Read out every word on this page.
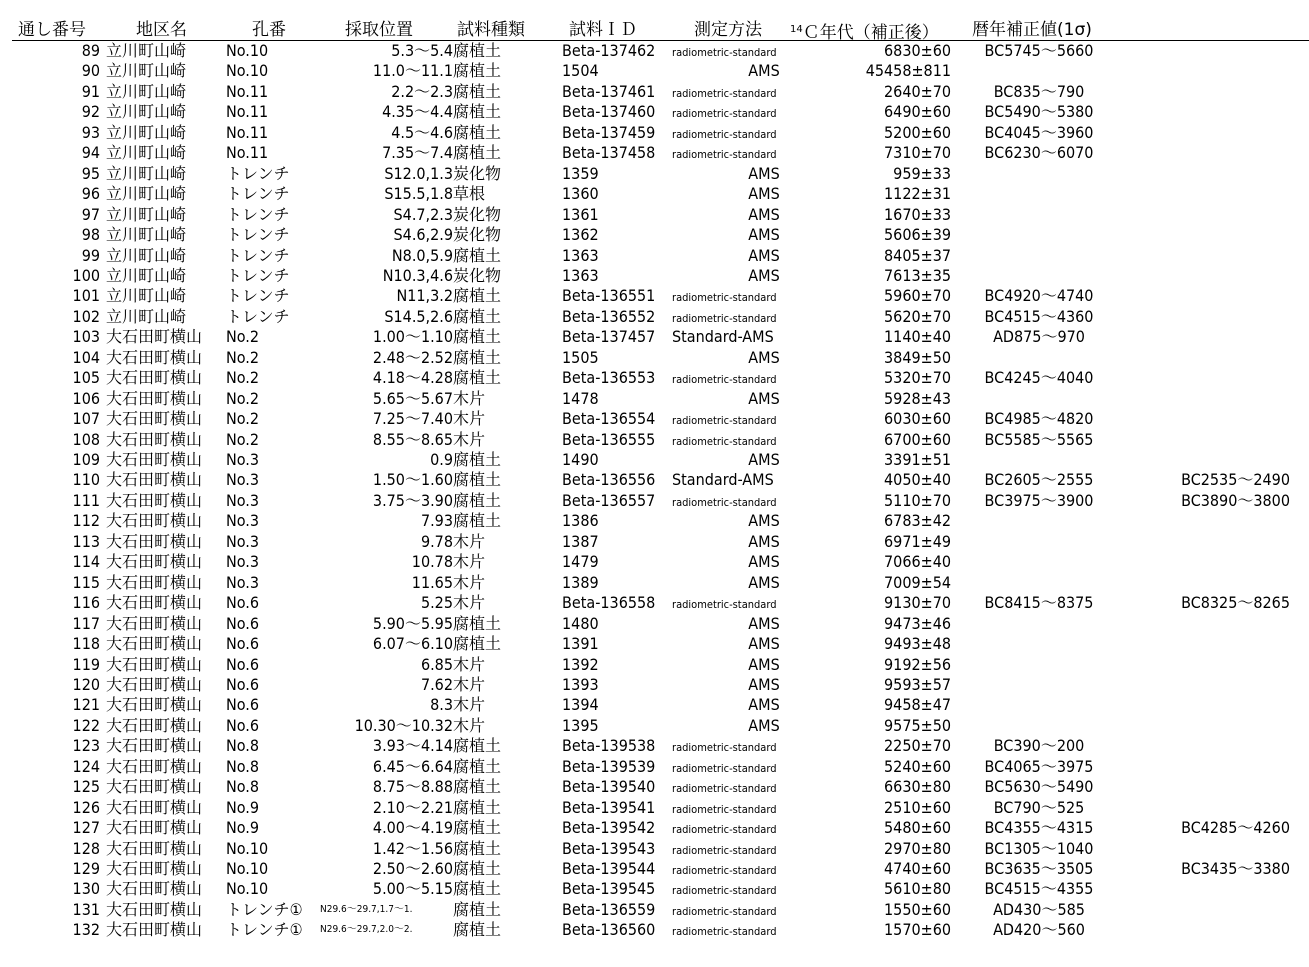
通し番号	地区名	孔番	採取位置	試料種類	試料ＩＤ	測定方法	$^{14}$Ｃ年代（補正後） 暦年補正値(1σ)
89 立川町山崎	No.10	5.3～5.4 腐植土	Beta-137462	radiometric-standard	6830±60	BC5745～5660
90 立川町山崎	No.10	11.0～11.1 腐植土	1504	AMS	45458±811
91 立川町山崎	No.11	2.2～2.3 腐植土	Beta-137461	radiometric-standard	2640±70	BC835～790
92 立川町山崎	No.11	4.35～4.4 腐植土	Beta-137460	radiometric-standard	6490±60	BC5490～5380
93 立川町山崎	No.11	4.5～4.6 腐植土	Beta-137459	radiometric-standard	5200±60	BC4045～3960
94 立川町山崎	No.11	7.35～7.4 腐植土	Beta-137458	radiometric-standard	7310±70	BC6230～6070
95 立川町山崎	トレンチ	S12.0,1.3 炭化物	1359	AMS	959±33
96 立川町山崎	トレンチ	S15.5,1.8 草根	1360	AMS	1122±31
97 立川町山崎	トレンチ	S4.7,2.3 炭化物	1361	AMS	1670±33
98 立川町山崎	トレンチ	S4.6,2.9 炭化物	1362	AMS	5606±39
99 立川町山崎	トレンチ	N8.0,5.9 腐植土	1363	AMS	8405±37
100 立川町山崎	トレンチ	N10.3,4.6 炭化物	1363	AMS	7613±35
101 立川町山崎	トレンチ	N11,3.2 腐植土	Beta-136551	radiometric-standard	5960±70	BC4920～4740
102 立川町山崎	トレンチ	S14.5,2.6 腐植土	Beta-136552	radiometric-standard	5620±70	BC4515～4360
103 大石田町横山	No.2	1.00～1.10 腐植土	Beta-137457	Standard-AMS	1140±40	AD875～970
104 大石田町横山	No.2	2.48～2.52 腐植土	1505	AMS	3849±50
105 大石田町横山	No.2	4.18～4.28 腐植土	Beta-136553	radiometric-standard	5320±70	BC4245～4040
106 大石田町横山	No.2	5.65～5.67 木片	1478	AMS	5928±43
107 大石田町横山	No.2	7.25～7.40 木片	Beta-136554	radiometric-standard	6030±60	BC4985～4820
108 大石田町横山	No.2	8.55～8.65 木片	Beta-136555	radiometric-standard	6700±60	BC5585～5565
109 大石田町横山	No.3	0.9 腐植土	1490	AMS	3391±51
110 大石田町横山	No.3	1.50～1.60 腐植土	Beta-136556	Standard-AMS	4050±40	BC2605～2555	BC2535～2490
111 大石田町横山	No.3	3.75～3.90 腐植土	Beta-136557	radiometric-standard	5110±70	BC3975～3900	BC3890～3800
112 大石田町横山	No.3	7.93 腐植土	1386	AMS	6783±42
113 大石田町横山	No.3	9.78 木片	1387	AMS	6971±49
114 大石田町横山	No.3	10.78 木片	1479	AMS	7066±40
115 大石田町横山	No.3	11.65 木片	1389	AMS	7009±54
116 大石田町横山	No.6	5.25 木片	Beta-136558	radiometric-standard	9130±70	BC8415～8375	BC8325～8265
117 大石田町横山	No.6	5.90～5.95 腐植土	1480	AMS	9473±46
118 大石田町横山	No.6	6.07～6.10 腐植土	1391	AMS	9493±48
119 大石田町横山	No.6	6.85 木片	1392	AMS	9192±56
120 大石田町横山	No.6	7.62 木片	1393	AMS	9593±57
121 大石田町横山	No.6	8.3 木片	1394	AMS	9458±47
122 大石田町横山	No.6	10.30～10.32 木片	1395	AMS	9575±50
123 大石田町横山	No.8	3.93～4.14 腐植土	Beta-139538	radiometric-standard	2250±70	BC390～200
124 大石田町横山	No.8	6.45～6.64 腐植土	Beta-139539	radiometric-standard	5240±60	BC4065～3975
125 大石田町横山	No.8	8.75～8.88 腐植土	Beta-139540	radiometric-standard	6630±80	BC5630～5490
126 大石田町横山	No.9	2.10～2.21 腐植土	Beta-139541	radiometric-standard	2510±60	BC790～525
127 大石田町横山	No.9	4.00～4.19 腐植土	Beta-139542	radiometric-standard	5480±60	BC4355～4315	BC4285～4260
128 大石田町横山	No.10	1.42～1.56 腐植土	Beta-139543	radiometric-standard	2970±80	BC1305～1040
129 大石田町横山	No.10	2.50～2.60 腐植土	Beta-139544	radiometric-standard	4740±60	BC3635～3505	BC3435～3380
130 大石田町横山	No.10	5.00～5.15 腐植土	Beta-139545	radiometric-standard	5610±80	BC4515～4355
131 大石田町横山	トレンチ①	N29.6～29.7,1.7～1.	腐植土	Beta-136559	radiometric-standard	1550±60	AD430～585
132 大石田町横山	トレンチ①	N29.6～29.7,2.0～2.	腐植土	Beta-136560	radiometric-standard	1570±60	AD420～560
